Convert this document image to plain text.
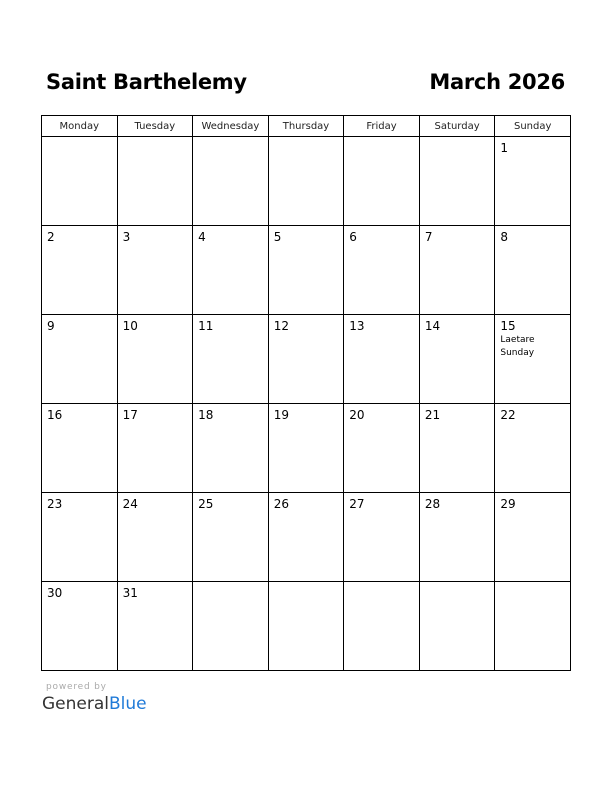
Saint Barthelemy	March 2026
Monday	Tuesday	Wednesday	Thursday	Friday	Saturday	Sunday

						1

2	3	4	5	6	7	8

9	10	11	12	13	14	15
Laetare Sunday

16	17	18	19	20	21	22

23	24	25	26	27	28	29

30	31					

powered by
GeneralBlue
